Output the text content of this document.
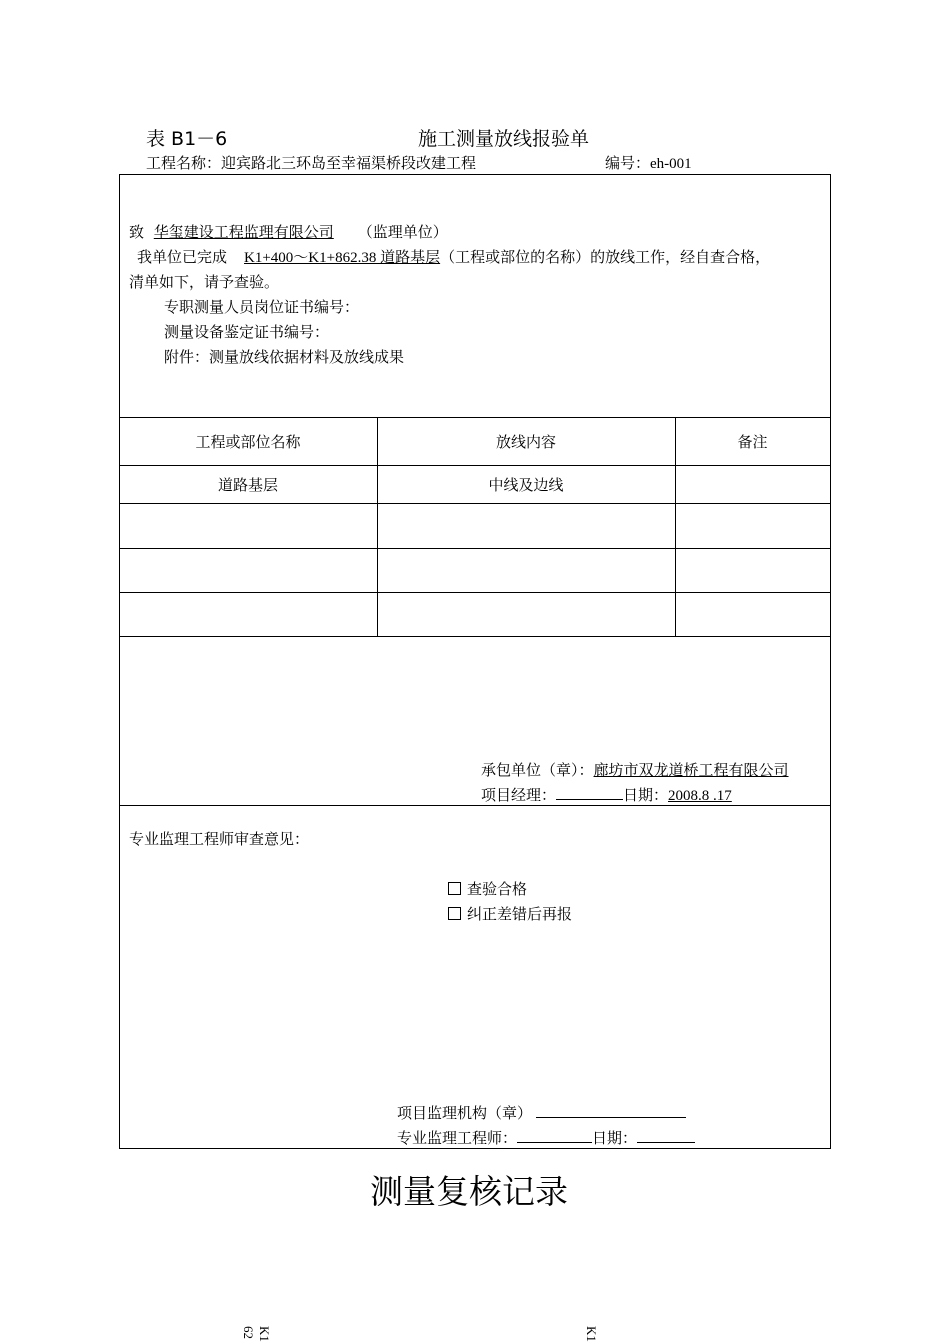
表 B1－6	施工测量放线报验单
工程名称：迎宾路北三环岛至幸福渠桥段改建工程	编号：eh-001
致 华玺建设工程监理有限公司 （监理单位）
我单位已完成 K1+400～K1+862.38 道路基层（工程或部位的名称）的放线工作，经自查合格，
清单如下，请予查验。
专职测量人员岗位证书编号：
测量设备鉴定证书编号：
附件：测量放线依据材料及放线成果
工程或部位名称	放线内容	备注
道路基层	中线及边线
承包单位（章）：廊坊市双龙道桥工程有限公司
项目经理：	日期：2008.8 .17
专业监理工程师审查意见：
查验合格
纠正差错后再报
项目监理机构（章）
专业监理工程师：	日期：
测量复核记录
K1 62	K1
